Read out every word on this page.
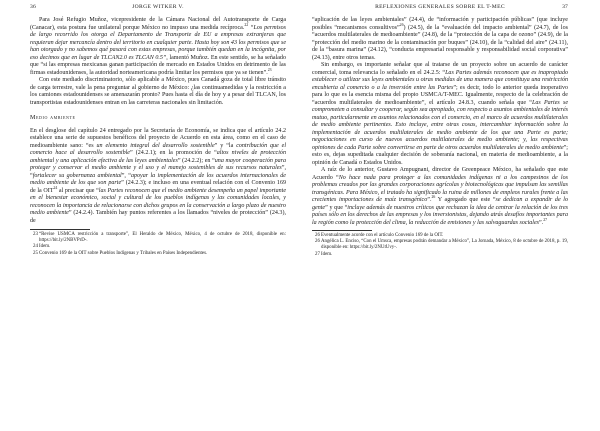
36	JORGE WITKER V.

Para José Refugio Muñoz, vicepresidente de la Cámara Nacional del Autotransporte de Carga (Canacar), esta postura fue unilateral porque México no impuso una medida recíproca.$^{22}$ “Los permisos de largo recorrido los otorga el Departamento de Transporte de EU a empresas extranjeras que requieran dejar mercancía dentro del territorio en cualquier parte. Hasta hoy son 43 los permisos que se han otorgado y no sabemos qué pasará con estas empresas, porque también quedan en la incógnita, por eso decimos que en lugar de TLCAN2.0 es TLCAN 0.5”, lamentó Muñoz. En este sentido, se ha señalado que “si las empresas mexicanas ganan participación de mercado en Estados Unidos en detrimento de las firmas estadounidenses, la autoridad norteamericana podría limitar los permisos que ya se tienen”.$^{23}$

Con este mediado discriminatorio, sólo aplicable a México, pues Canadá goza de total libre tránsito de carga terrestre, vale la pena preguntar al gobierno de México: ¿las continuamedidas y la restricción a los camiones estadounidenses se amenazarán pronto? Pues hasta el día de hoy y a pesar del TLCAN, los transportistas estadounidenses entran en las carreteras nacionales sin limitación.

Medio ambiente

En el desglose del capítulo 24 entregado por la Secretaría de Economía, se indica que el artículo 24.2 establece una serie de supuestos benéficos del proyecto de Acuerdo en esta área, como en el caso de medioambiente sano: “es un elemento integral del desarrollo sostenible” y “la contribución que el comercio hace al desarrollo sostenible” (24.2.1); en la promoción de “altos niveles de protección ambiental y una aplicación efectiva de las leyes ambientales” (24.2.2); en “una mayor cooperación para proteger y conservar el medio ambiente y el uso y el manejo sostenibles de sus recursos naturales”, “fortalecer su gobernanza ambiental”, “apoyar la implementación de los acuerdos internacionales de medio ambiente de los que son parte” (24.2.3); e incluso en una eventual relación con el Convenio 169 de la OIT$^{24}$ al precisar que “las Partes reconocen que el medio ambiente desempeña un papel importante en el bienestar económico, social y cultural de los pueblos indígenas y las comunidades locales, y reconocen la importancia de relacionarse con dichos grupos en la conservación a largo plazo de nuestro medio ambiente” (24.2.4). También hay puntos referentes a los llamados “niveles de protección” (24.3), de

23 “Revise USMCA restricción a transporte”, El Heraldo de México, México, 4 de octubre de 2018, disponible en: https://bit.ly/2NBVPrD-.
24 Idem.
25 Convenio 169 de la OIT sobre Pueblos Indígenas y Tribales en Países Independientes.
REFLEXIONES GENERALES SOBRE EL T-MEC	37

“aplicación de las leyes ambientales” (24.4), de “información y participación públicas” (que incluye posibles “mecanismos consultivos”$^{26}$) (24.5), de la “evaluación del impacto ambiental” (24.7), de los “acuerdos multilaterales de medioambiente” (24.8), de la “protección de la capa de ozono” (24.9), de la “protección del medio marino de la contaminación por buques” (24.10), de la “calidad del aire” (24.11), de la “basura marina” (24.12), “conducta empresarial responsable y responsabilidad social corporativa” (24.13), entre otros temas.

Sin embargo, es importante señalar que al tratarse de un proyecto sobre un acuerdo de carácter comercial, toma relevancia lo señalado en el 24.2.5: “Las Partes además reconocen que es inapropiado establecer o utilizar sus leyes ambientales u otras medidas de una manera que constituya una restricción encubierta al comercio o a la inversión entre las Partes”; es decir, todo lo anterior queda inoperativo para lo que es la esencia misma del propio USMCA/T-MEC. Igualmente, respecto de la celebración de “acuerdos multilaterales de medioambiente”, el artículo 24.8.3, cuando señala que “Las Partes se comprometen a consultar y cooperar, según sea apropiado, con respecto a asuntos ambientales de interés mutuo, particularmente en asuntos relacionados con el comercio, en el marco de acuerdos multilaterales de medio ambiente pertinentes. Esto incluye, entre otras cosas, intercambiar información sobre la implementación de acuerdos multilaterales de medio ambiente de los que una Parte es parte; negociaciones en curso de nuevos acuerdos multilaterales de medio ambiente; y, las respectivas opiniones de cada Parte sobre convertirse en parte de otros acuerdos multilaterales de medio ambiente”; esto es, dejas supeditada cualquier decisión de soberanía nacional, en materia de medioambiente, a la opinión de Canadá o Estados Unidos.

A raíz de lo anterior, Gustavo Ampugnani, director de Greenpeace México, ha señalado que este Acuerdo “No hace nada para proteger a las comunidades indígenas ni a los campesinos de los problemas creados por las grandes corporaciones agrícolas y biotecnológicas que impulsan las semillas transgénicas. Para México, el tratado ha significado la ruina de millones de empleos rurales frente a las crecientes importaciones de maíz transgénico”.$^{26}$ Y agregado que este “se dedican a expandir de lo gente” y que “incluye además de nuestros críticos que rechazan la idea de centrar la relación de los tres países sólo en los derechos de las empresas y los inversionistas, dejando atrás desafíos importantes para la región como la protección del clima, la reducción de emisiones y las salvaguardas sociales”.$^{27}$

26 Eventualmente acorde con el artículo Convenio 169 de la OIT.
26 Angélica L. Enciso, “Con el Umsca, empresas podrán demandar a México”, La Jornada, México, 8 de octubre de 2018, p. 19, disponible en: https://bit.ly/2NUtUvy-.
27 Idem.
